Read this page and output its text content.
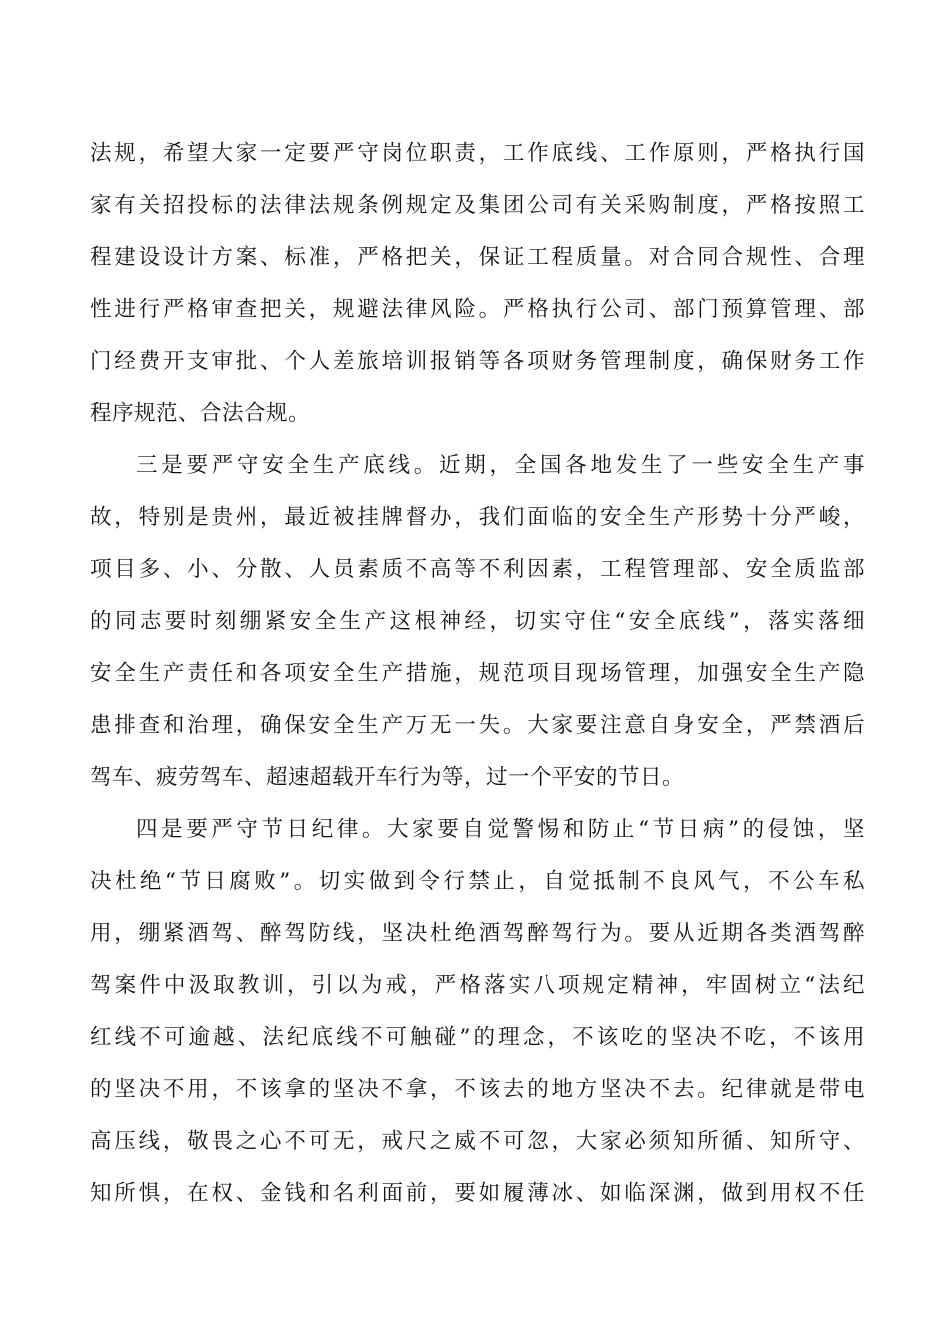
法规，希望大家一定要严守岗位职责，工作底线、工作原则，严格执行国
家有关招投标的法律法规条例规定及集团公司有关采购制度，严格按照工
程建设设计方案、标准，严格把关，保证工程质量。对合同合规性、合理
性进行严格审查把关，规避法律风险。严格执行公司、部门预算管理、部
门经费开支审批、个人差旅培训报销等各项财务管理制度，确保财务工作
程序规范、合法合规。
三是要严守安全生产底线。近期，全国各地发生了一些安全生产事
故，特别是贵州，最近被挂牌督办，我们面临的安全生产形势十分严峻，
项目多、小、分散、人员素质不高等不利因素，工程管理部、安全质监部
的同志要时刻绷紧安全生产这根神经，切实守住“安全底线”，落实落细
安全生产责任和各项安全生产措施，规范项目现场管理，加强安全生产隐
患排查和治理，确保安全生产万无一失。大家要注意自身安全，严禁酒后
驾车、疲劳驾车、超速超载开车行为等，过一个平安的节日。
四是要严守节日纪律。大家要自觉警惕和防止“节日病”的侵蚀，坚
决杜绝“节日腐败”。切实做到令行禁止，自觉抵制不良风气，不公车私
用，绷紧酒驾、醉驾防线，坚决杜绝酒驾醉驾行为。要从近期各类酒驾醉
驾案件中汲取教训，引以为戒，严格落实八项规定精神，牢固树立“法纪
红线不可逾越、法纪底线不可触碰”的理念，不该吃的坚决不吃，不该用
的坚决不用，不该拿的坚决不拿，不该去的地方坚决不去。纪律就是带电
高压线，敬畏之心不可无，戒尺之威不可忽，大家必须知所循、知所守、
知所惧，在权、金钱和名利面前，要如履薄冰、如临深渊，做到用权不任
